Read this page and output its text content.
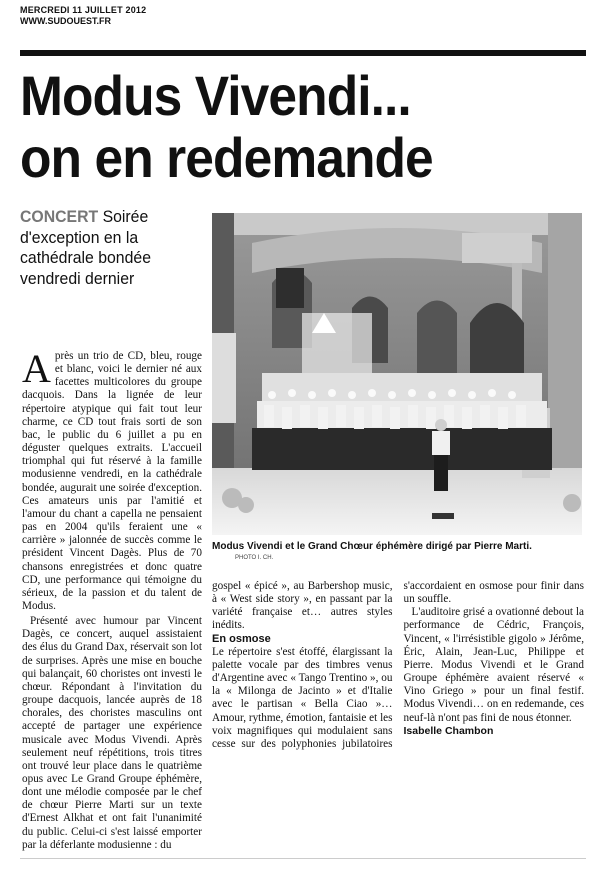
MERCREDI 11 JUILLET 2012
WWW.SUDOUEST.FR
Modus Vivendi...
on en redemande
CONCERT Soirée d'exception en la cathédrale bondée vendredi dernier
Modus Vivendi et le Grand Chœur éphémère dirigé par Pierre Marti.
PHOTO I. CH.

Après un trio de CD, bleu, rouge et blanc, voici le dernier né aux facettes multicolores du groupe dacquois. Dans la lignée de leur répertoire atypique qui fait tout leur charme, ce CD tout frais sorti de son bac, le public du 6 juillet a pu en déguster quelques extraits. L'accueil triomphal qui fut réservé à la famille modusienne vendredi, en la cathédrale bondée, augurait une soirée d'exception. Ces amateurs unis par l'amitié et l'amour du chant a capella ne pensaient pas en 2004 qu'ils feraient une « carrière » jalonnée de succès comme le président Vincent Dagès. Plus de 70 chansons enregistrées et donc quatre CD, une performance qui témoigne du sérieux, de la passion et du talent de Modus.

Présenté avec humour par Vincent Dagès, ce concert, auquel assistaient des élus du Grand Dax, réservait son lot de surprises. Après une mise en bouche qui balançait, 60 choristes ont investi le chœur. Répondant à l'invitation du groupe dacquois, lancée auprès de 18 chorales, des choristes masculins ont accepté de partager une expérience musicale avec Modus Vivendi. Après seulement neuf répétitions, trois titres ont trouvé leur place dans le quatrième opus avec Le Grand Groupe éphémère, dont une mélodie composée par le chef de chœur Pierre Marti sur un texte d'Ernest Alkhat et ont fait l'unanimité du public. Celui-ci s'est laissé emporter par la déferlante modusienne : du

gospel « épicé », au Barbershop music, à « West side story », en passant par la variété française et… autres styles inédits.

En osmose

Le répertoire s'est étoffé, élargissant la palette vocale par des timbres venus d'Argentine avec « Tango Trentino », ou la « Milonga de Jacinto » et d'Italie avec le partisan « Bella Ciao »… Amour, rythme, émotion, fantaisie et les voix magnifiques qui modulaient sans cesse sur des polyphonies jubilatoires s'accordaient en osmose pour finir dans un souffle.

L'auditoire grisé a ovationné debout la performance de Cédric, François, Vincent, « l'irrésistible gigolo » Jérôme, Éric, Alain, Jean-Luc, Philippe et Pierre. Modus Vivendi et le Grand Groupe éphémère avaient réservé « Vino Griego » pour un final festif. Modus Vivendi… on en redemande, ces neuf-là n'ont pas fini de nous étonner.

Isabelle Chambon
